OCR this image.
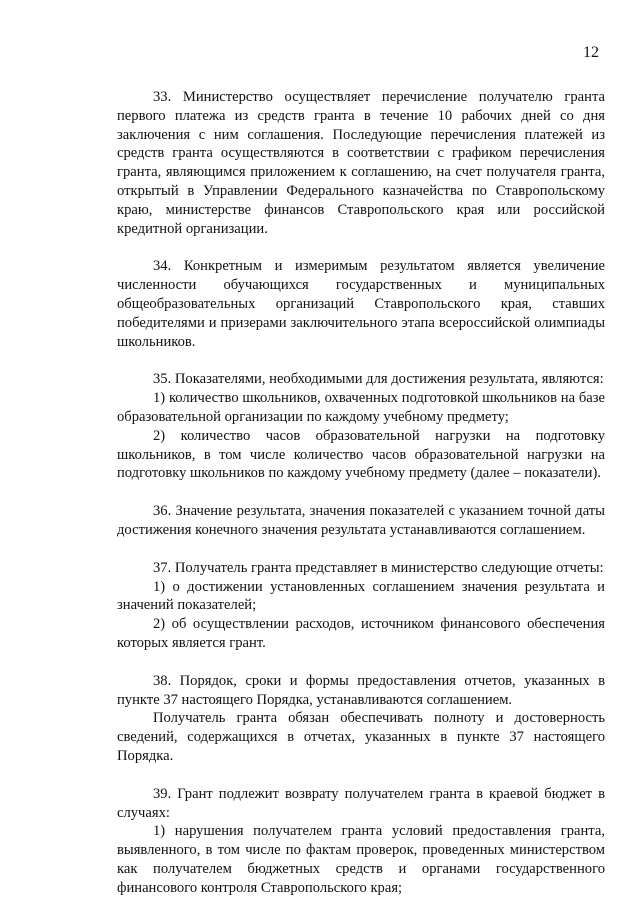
12

33. Министерство осуществляет перечисление получателю гранта первого платежа из средств гранта в течение 10 рабочих дней со дня заключения с ним соглашения. Последующие перечисления платежей из средств гранта осуществляются в соответствии с графиком перечисления гранта, являющимся приложением к соглашению, на счет получателя гранта, открытый в Управлении Федерального казначейства по Ставропольскому краю, министерстве финансов Ставропольского края или российской кредитной организации.

34. Конкретным и измеримым результатом является увеличение численности обучающихся государственных и муниципальных общеобразовательных организаций Ставропольского края, ставших победителями и призерами заключительного этапа всероссийской олимпиады школьников.

35. Показателями, необходимыми для достижения результата, являются:

1) количество школьников, охваченных подготовкой школьников на базе образовательной организации по каждому учебному предмету;

2) количество часов образовательной нагрузки на подготовку школьников, в том числе количество часов образовательной нагрузки на подготовку школьников по каждому учебному предмету (далее – показатели).

36. Значение результата, значения показателей с указанием точной даты достижения конечного значения результата устанавливаются соглашением.

37. Получатель гранта представляет в министерство следующие отчеты:

1) о достижении установленных соглашением значения результата и значений показателей;

2) об осуществлении расходов, источником финансового обеспечения которых является грант.

38. Порядок, сроки и формы предоставления отчетов, указанных в пункте 37 настоящего Порядка, устанавливаются соглашением.

Получатель гранта обязан обеспечивать полноту и достоверность сведений, содержащихся в отчетах, указанных в пункте 37 настоящего Порядка.

39. Грант подлежит возврату получателем гранта в краевой бюджет в случаях:

1) нарушения получателем гранта условий предоставления гранта, выявленного, в том числе по фактам проверок, проведенных министерством как получателем бюджетных средств и органами государственного финансового контроля Ставропольского края;
